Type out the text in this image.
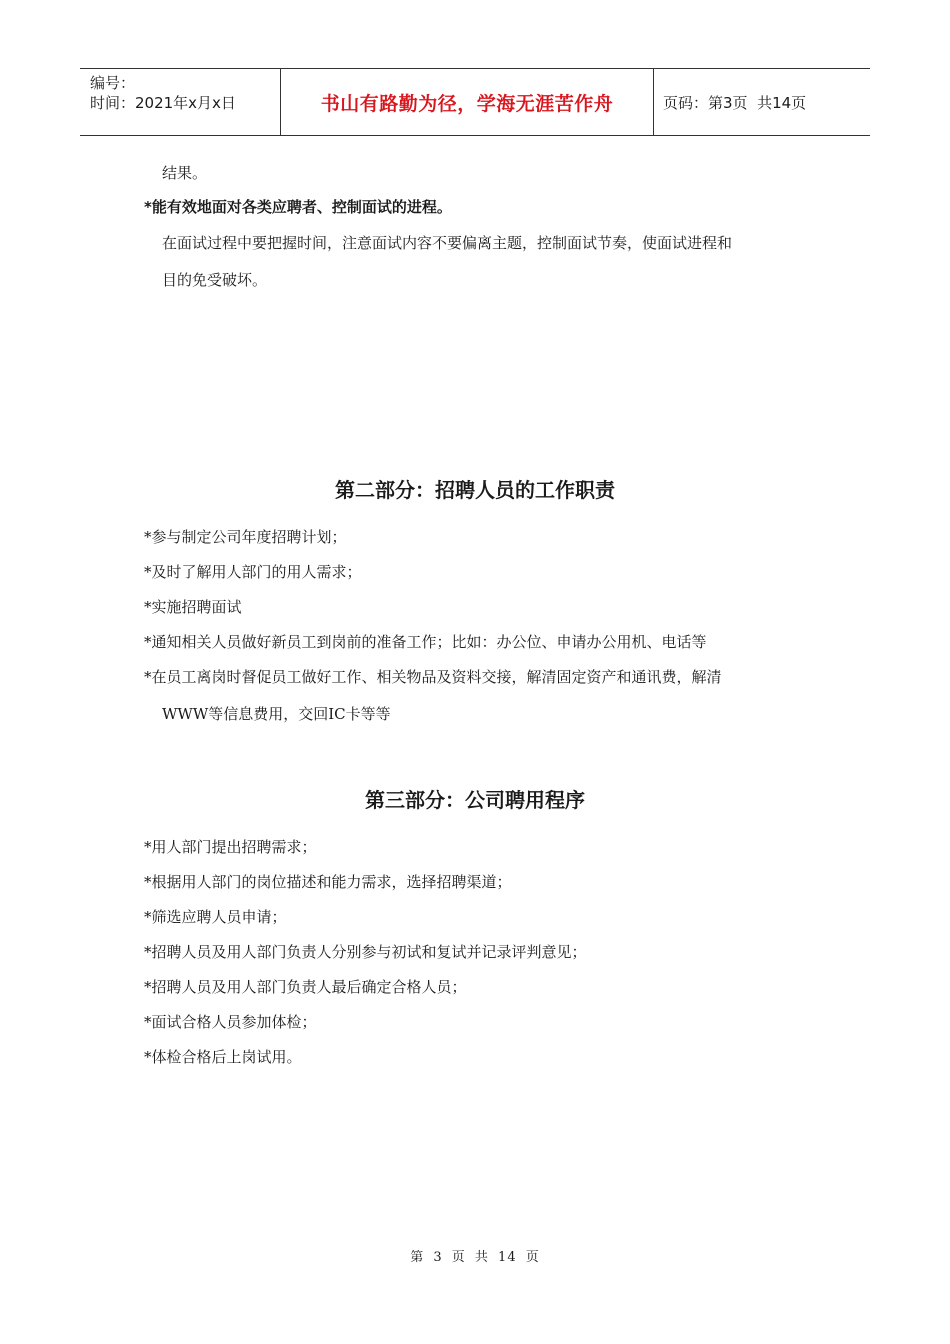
编号：
时间：2021年x月x日	书山有路勤为径，学海无涯苦作舟	页码：第3页  共14页
结果。
*能有效地面对各类应聘者、控制面试的进程。
在面试过程中要把握时间，注意面试内容不要偏离主题，控制面试节奏，使面试进程和
目的免受破坏。
第二部分：招聘人员的工作职责
*参与制定公司年度招聘计划；
*及时了解用人部门的用人需求；
*实施招聘面试
*通知相关人员做好新员工到岗前的准备工作；比如：办公位、申请办公用机、电话等
*在员工离岗时督促员工做好工作、相关物品及资料交接，解清固定资产和通讯费，解清
WWW等信息费用，交回IC卡等等
第三部分：公司聘用程序
*用人部门提出招聘需求；
*根据用人部门的岗位描述和能力需求，选择招聘渠道；
*筛选应聘人员申请；
*招聘人员及用人部门负责人分别参与初试和复试并记录评判意见；
*招聘人员及用人部门负责人最后确定合格人员；
*面试合格人员参加体检；
*体检合格后上岗试用。
第 3 页 共 14 页
